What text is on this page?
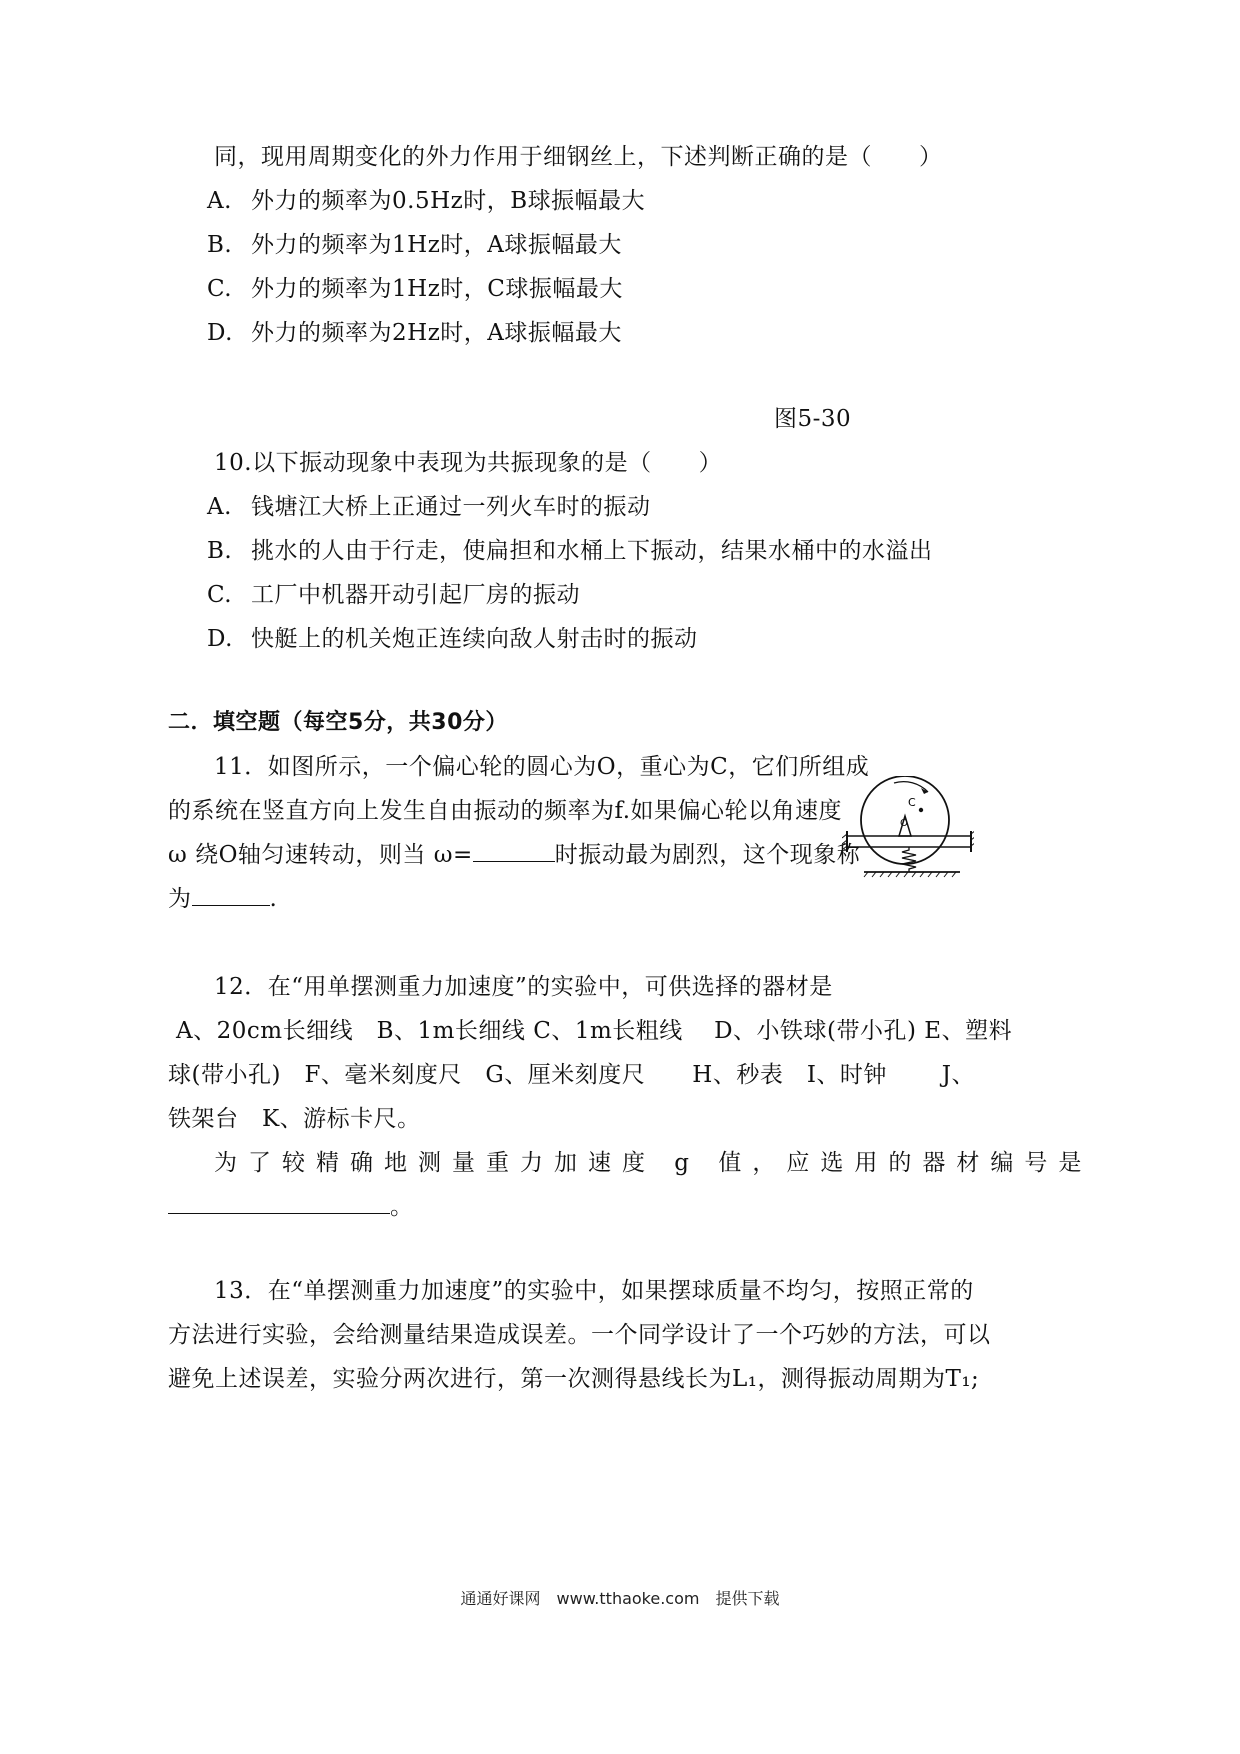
同，现用周期变化的外力作用于细钢丝上，下述判断正确的是（　　）
A. 外力的频率为0.5Hz时，B球振幅最大
B. 外力的频率为1Hz时，A球振幅最大
C. 外力的频率为1Hz时，C球振幅最大
D. 外力的频率为2Hz时，A球振幅最大
图5-30
10.以下振动现象中表现为共振现象的是（　　）
A. 钱塘江大桥上正通过一列火车时的振动
B. 挑水的人由于行走，使扁担和水桶上下振动，结果水桶中的水溢出
C. 工厂中机器开动引起厂房的振动
D. 快艇上的机关炮正连续向敌人射击时的振动
二．填空题（每空5分，共30分）
11．如图所示，一个偏心轮的圆心为O，重心为C，它们所组成
的系统在竖直方向上发生自由振动的频率为f.如果偏心轮以角速度
ω 绕O轴匀速转动，则当 ω=	时振动最为剧烈，这个现象称
为	.
C
O
12．在“用单摆测重力加速度”的实验中，可供选择的器材是
A、20cm长细线　B、1m长细线 C、1m长粗线　 D、小铁球(带小孔) E、塑料
球(带小孔)　F、毫米刻度尺　G、厘米刻度尺　　H、秒表　I、时钟　　 J、
铁架台　K、游标卡尺。
为了较精确地测量重力加速度 g 值，应选用的器材编号是
。
13．在“单摆测重力加速度”的实验中，如果摆球质量不均匀，按照正常的
方法进行实验，会给测量结果造成误差。一个同学设计了一个巧妙的方法，可以
避免上述误差，实验分两次进行，第一次测得悬线长为L₁，测得振动周期为T₁;
通通好课网　www.tthaoke.com　提供下载
